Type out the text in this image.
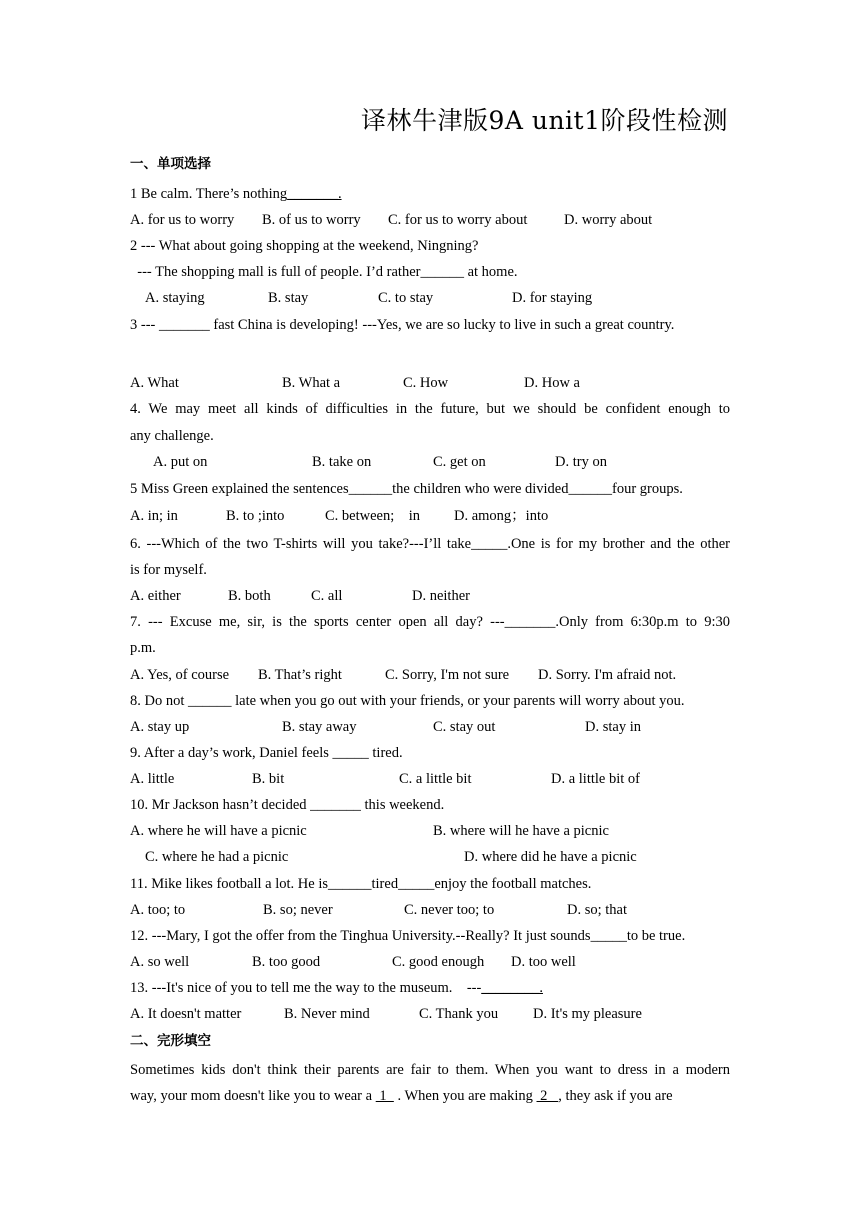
译林牛津版9A unit1阶段性检测
一、单项选择
1 Be calm. There’s nothing_______.
A. for us to worry B. of us to worry C. for us to worry about	D. worry about
2 --- What about going shopping at the weekend, Ningning?
--- The shopping mall is full of people. I’d rather______ at home.
A. staying	B. stay	C. to stay	D. for staying
3 --- _______ fast China is developing! ---Yes, we are so lucky to live in such a great country.
A. What	B. What a	C. How	D. How a
4. We may meet all kinds of difficulties in the future, but we should be confident enough to
any challenge.
A. put on	B. take on	C. get on	D. try on
5 Miss Green explained the sentences______the children who were divided______four groups.
A. in; in	B. to ;into	C. between;    in D. among；into
6. ---Which of the two T-shirts will you take?---I’ll take_____.One is for my brother and the other
is for myself.
A. either	B. both	C. all	D. neither
7. --- Excuse me, sir, is the sports center open all day? ---_______.Only from 6:30p.m to 9:30
p.m.
A. Yes, of course B. That’s right	C. Sorry, I'm not sure D. Sorry. I'm afraid not.
8. Do not ______ late when you go out with your friends, or your parents will worry about you.
A. stay up	B. stay away	C. stay out	D. stay in
9. After a day’s work, Daniel feels _____ tired.
A. little	B. bit	C. a little bit	D. a little bit of
10. Mr Jackson hasn’t decided _______ this weekend.
A. where he will have a picnic	B. where will he have a picnic
C. where he had a picnic	D. where did he have a picnic
11. Mike likes football a lot. He is______tired_____enjoy the football matches.
A. too; to	B. so; never	C. never too; to	D. so; that
12. ---Mary, I got the offer from the Tinghua University.--Really? It just sounds_____to be true.
A. so well	B. too good	C. good enough D. too well
13. ---It's nice of you to tell me the way to the museum.    ---________.
A. It doesn't matter	B. Never mind	C. Thank you D. It's my pleasure
二、完形填空
Sometimes kids don't think their parents are fair to them. When you want to dress in a modern
way, your mom doesn't like you to wear a  1   . When you are making  2   , they ask if you are
